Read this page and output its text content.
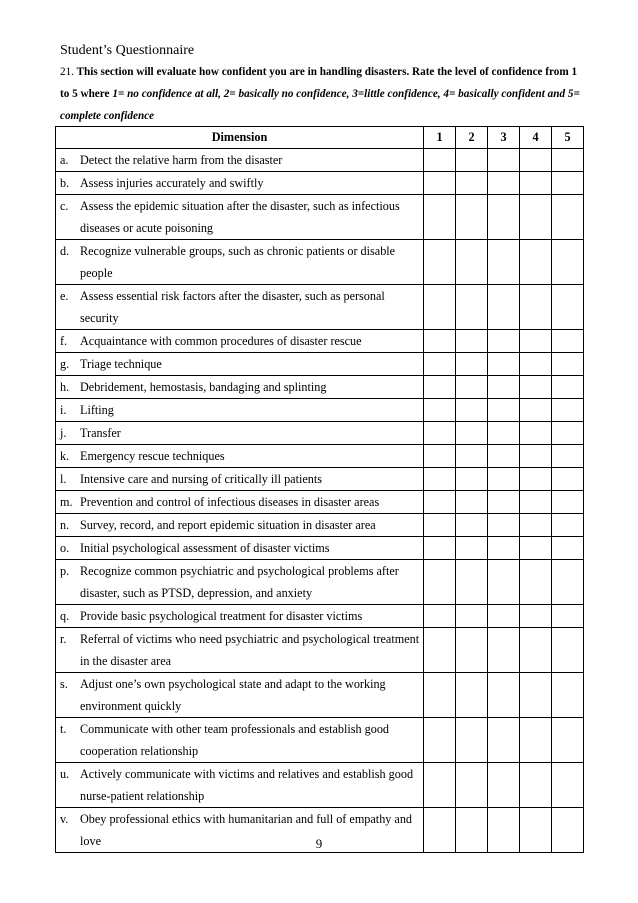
Student’s Questionnaire
21. This section will evaluate how confident you are in handling disasters. Rate the level of confidence from 1 to 5 where 1= no confidence at all, 2= basically no confidence, 3=little confidence, 4= basically confident and 5= complete confidence
Dimension	1	2	3	4	5

a. Detect the relative harm from the disaster					

b. Assess injuries accurately and swiftly					

c. Assess the epidemic situation after the disaster, such as infectious diseases or acute poisoning					

d. Recognize vulnerable groups, such as chronic patients or disable people					

e. Assess essential risk factors after the disaster, such as personal security					

f. Acquaintance with common procedures of disaster rescue					

g. Triage technique					

h. Debridement, hemostasis, bandaging and splinting					

i. Lifting					

j. Transfer					

k. Emergency rescue techniques					

l. Intensive care and nursing of critically ill patients					

m. Prevention and control of infectious diseases in disaster areas					

n. Survey, record, and report epidemic situation in disaster area					

o. Initial psychological assessment of disaster victims					

p. Recognize common psychiatric and psychological problems after disaster, such as PTSD, depression, and anxiety					

q. Provide basic psychological treatment for disaster victims					

r. Referral of victims who need psychiatric and psychological treatment in the disaster area					

s. Adjust one’s own psychological state and adapt to the working environment quickly					

t. Communicate with other team professionals and establish good cooperation relationship					

u. Actively communicate with victims and relatives and establish good nurse-patient relationship					

v. Obey professional ethics with humanitarian and full of empathy and love					
						9
